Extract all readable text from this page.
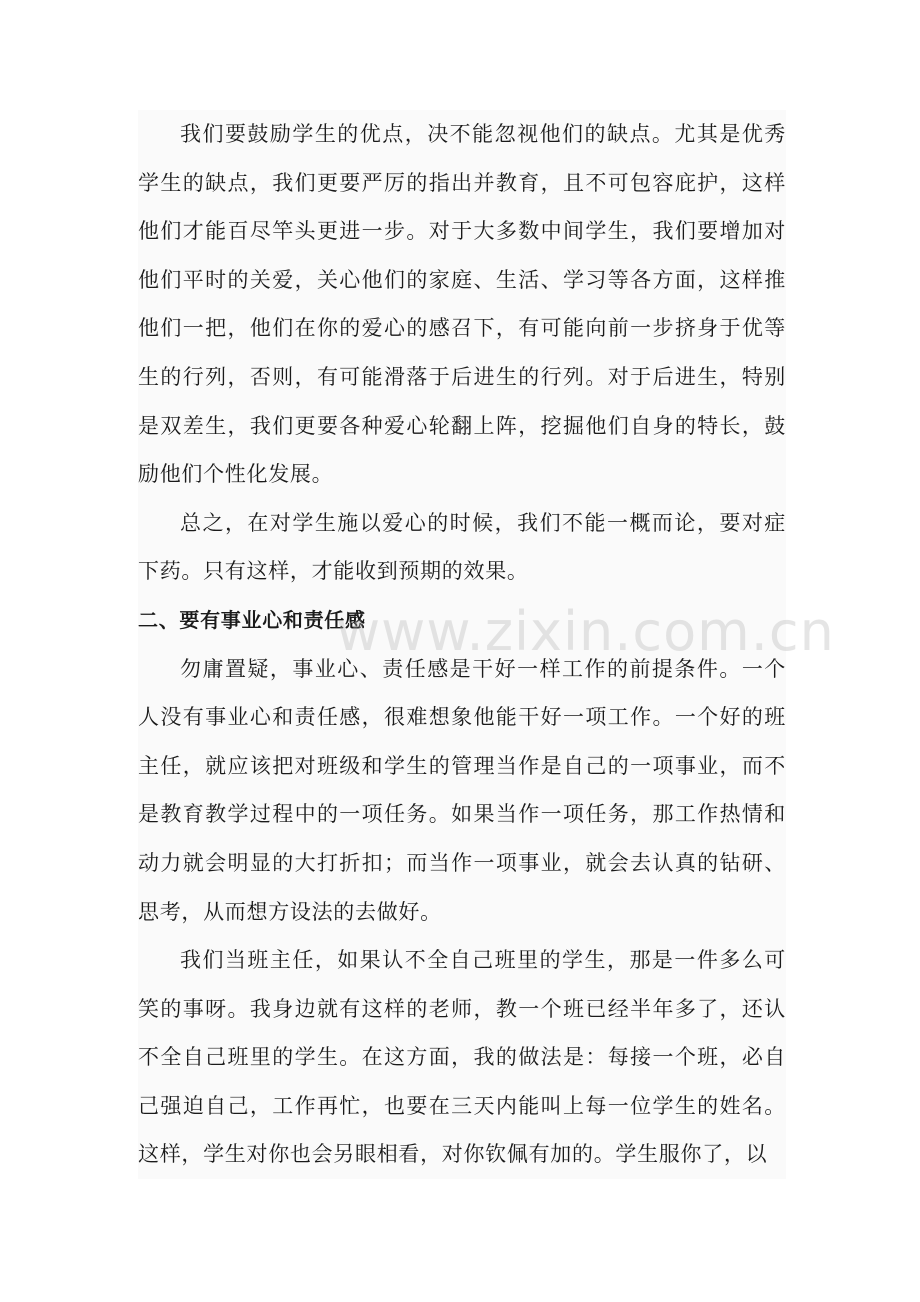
我们要鼓励学生的优点，决不能忽视他们的缺点。尤其是优秀学生的缺点，我们更要严厉的指出并教育，且不可包容庇护，这样他们才能百尽竿头更进一步。对于大多数中间学生，我们要增加对他们平时的关爱，关心他们的家庭、生活、学习等各方面，这样推他们一把，他们在你的爱心的感召下，有可能向前一步挤身于优等生的行列，否则，有可能滑落于后进生的行列。对于后进生，特别是双差生，我们更要各种爱心轮翻上阵，挖掘他们自身的特长，鼓励他们个性化发展。

总之，在对学生施以爱心的时候，我们不能一概而论，要对症下药。只有这样，才能收到预期的效果。

二、要有事业心和责任感

勿庸置疑，事业心、责任感是干好一样工作的前提条件。一个人没有事业心和责任感，很难想象他能干好一项工作。一个好的班主任，就应该把对班级和学生的管理当作是自己的一项事业，而不是教育教学过程中的一项任务。如果当作一项任务，那工作热情和动力就会明显的大打折扣；而当作一项事业，就会去认真的钻研、思考，从而想方设法的去做好。

我们当班主任，如果认不全自己班里的学生，那是一件多么可笑的事呀。我身边就有这样的老师，教一个班已经半年多了，还认不全自己班里的学生。在这方面，我的做法是：每接一个班，必自己强迫自己，工作再忙，也要在三天内能叫上每一位学生的姓名。这样，学生对你也会另眼相看，对你钦佩有加的。学生服你了，以

www.zixin.com.cn
